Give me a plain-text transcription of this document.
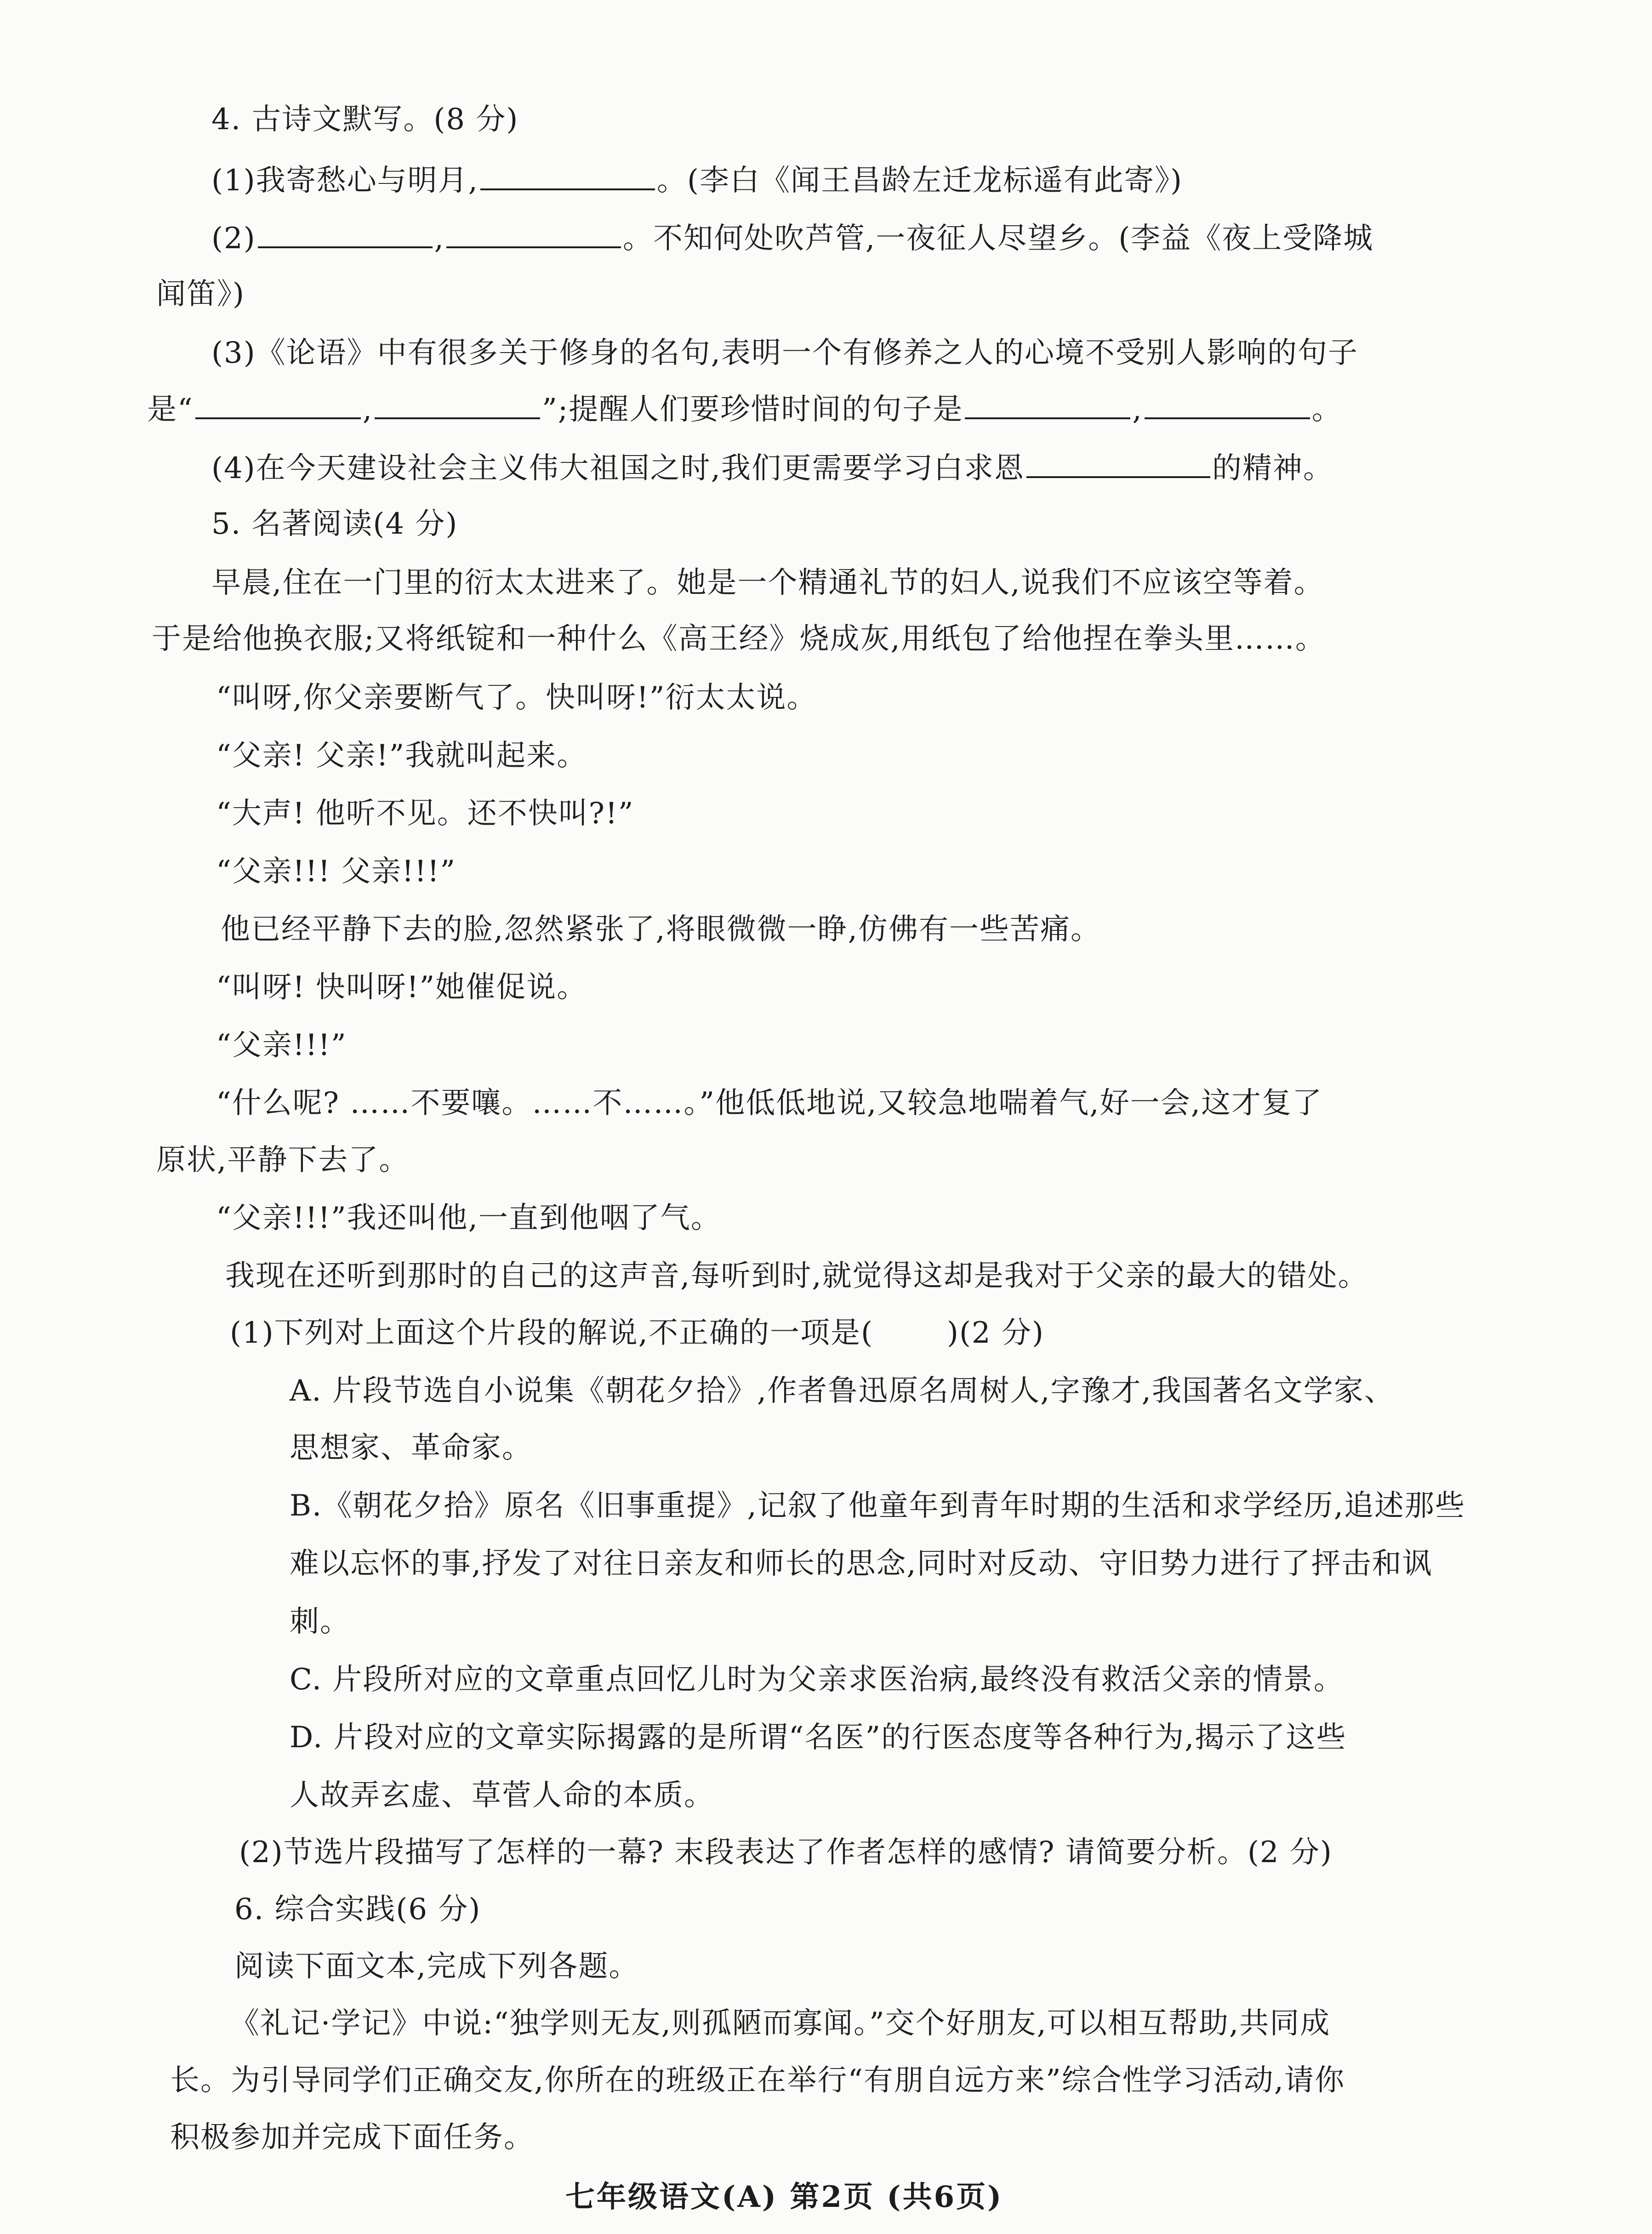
4. 古诗文默写。(8 分)
(1)我寄愁心与明月,	。(李白《闻王昌龄左迁龙标遥有此寄》)
(2)	,	。不知何处吹芦管,一夜征人尽望乡。(李益《夜上受降城
闻笛》)
(3)《论语》中有很多关于修身的名句,表明一个有修养之人的心境不受别人影响的句子
是“	,	”;提醒人们要珍惜时间的句子是	,	。
(4)在今天建设社会主义伟大祖国之时,我们更需要学习白求恩	的精神。
5. 名著阅读(4 分)
早晨,住在一门里的衍太太进来了。她是一个精通礼节的妇人,说我们不应该空等着。
于是给他换衣服;又将纸锭和一种什么《高王经》烧成灰,用纸包了给他捏在拳头里……。
“叫呀,你父亲要断气了。快叫呀!”衍太太说。
“父亲! 父亲!”我就叫起来。
“大声! 他听不见。还不快叫?!”
“父亲!!! 父亲!!!”
他已经平静下去的脸,忽然紧张了,将眼微微一睁,仿佛有一些苦痛。
“叫呀! 快叫呀!”她催促说。
“父亲!!!”
“什么呢? ……不要嚷。……不……。”他低低地说,又较急地喘着气,好一会,这才复了
原状,平静下去了。
“父亲!!!”我还叫他,一直到他咽了气。
我现在还听到那时的自己的这声音,每听到时,就觉得这却是我对于父亲的最大的错处。
(1)下列对上面这个片段的解说,不正确的一项是(	)(2 分)
A. 片段节选自小说集《朝花夕拾》,作者鲁迅原名周树人,字豫才,我国著名文学家、
思想家、革命家。
B.《朝花夕拾》原名《旧事重提》,记叙了他童年到青年时期的生活和求学经历,追述那些
难以忘怀的事,抒发了对往日亲友和师长的思念,同时对反动、守旧势力进行了抨击和讽
刺。
C. 片段所对应的文章重点回忆儿时为父亲求医治病,最终没有救活父亲的情景。
D. 片段对应的文章实际揭露的是所谓“名医”的行医态度等各种行为,揭示了这些
人故弄玄虚、草菅人命的本质。
(2)节选片段描写了怎样的一幕? 末段表达了作者怎样的感情? 请简要分析。(2 分)
6. 综合实践(6 分)
阅读下面文本,完成下列各题。
《礼记·学记》中说:“独学则无友,则孤陋而寡闻。”交个好朋友,可以相互帮助,共同成
长。为引导同学们正确交友,你所在的班级正在举行“有朋自远方来”综合性学习活动,请你
积极参加并完成下面任务。
七年级语文(A) 第2页 (共6页)
